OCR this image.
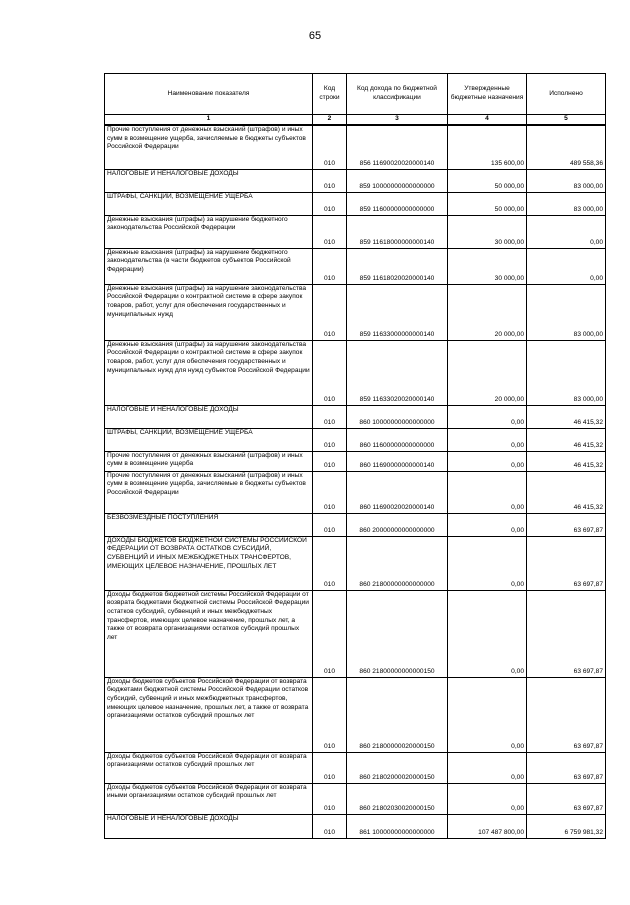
65
Наименование показателя	Код строки	Код дохода по бюджетной классификации	Утвержденные бюджетные назначения	Исполнено
1	2	3	4	5
Прочие поступления от денежных взысканий (штрафов) и иных сумм в возмещение ущерба, зачисляемые в бюджеты субъектов Российской Федерации	010	856 11690020020000140	135 600,00	489 558,36
НАЛОГОВЫЕ И НЕНАЛОГОВЫЕ ДОХОДЫ	010	859 10000000000000000	50 000,00	83 000,00
ШТРАФЫ, САНКЦИИ, ВОЗМЕЩЕНИЕ УЩЕРБА	010	859 11600000000000000	50 000,00	83 000,00
Денежные взыскания (штрафы) за нарушение бюджетного законодательства Российской Федерации	010	859 11618000000000140	30 000,00	0,00
Денежные взыскания (штрафы) за нарушение бюджетного законодательства (в части бюджетов субъектов Российской Федерации)	010	859 11618020020000140	30 000,00	0,00
Денежные взыскания (штрафы) за нарушение законодательства Российской Федерации о контрактной системе в сфере закупок товаров, работ, услуг для обеспечения государственных и муниципальных нужд	010	859 11633000000000140	20 000,00	83 000,00
Денежные взыскания (штрафы) за нарушение законодательства Российской Федерации о контрактной системе в сфере закупок товаров, работ, услуг для обеспечения государственных и муниципальных нужд для нужд субъектов Российской Федерации	010	859 11633020020000140	20 000,00	83 000,00
НАЛОГОВЫЕ И НЕНАЛОГОВЫЕ ДОХОДЫ	010	860 10000000000000000	0,00	46 415,32
ШТРАФЫ, САНКЦИИ, ВОЗМЕЩЕНИЕ УЩЕРБА	010	860 11600000000000000	0,00	46 415,32
Прочие поступления от денежных взысканий (штрафов) и иных сумм в возмещение ущерба	010	860 11690000000000140	0,00	46 415,32
Прочие поступления от денежных взысканий (штрафов) и иных сумм в возмещение ущерба, зачисляемые в бюджеты субъектов Российской Федерации	010	860 11690020020000140	0,00	46 415,32
БЕЗВОЗМЕЗДНЫЕ ПОСТУПЛЕНИЯ	010	860 20000000000000000	0,00	63 697,87
ДОХОДЫ БЮДЖЕТОВ БЮДЖЕТНОЙ СИСТЕМЫ РОССИЙСКОЙ ФЕДЕРАЦИИ ОТ ВОЗВРАТА ОСТАТКОВ СУБСИДИЙ, СУБВЕНЦИЙ И ИНЫХ МЕЖБЮДЖЕТНЫХ ТРАНСФЕРТОВ, ИМЕЮЩИХ ЦЕЛЕВОЕ НАЗНАЧЕНИЕ, ПРОШЛЫХ ЛЕТ	010	860 21800000000000000	0,00	63 697,87
Доходы бюджетов бюджетной системы Российской Федерации от возврата бюджетами бюджетной системы Российской Федерации остатков субсидий, субвенций и иных межбюджетных трансфертов, имеющих целевое назначение, прошлых лет, а также от возврата организациями остатков субсидий прошлых лет	010	860 21800000000000150	0,00	63 697,87
Доходы бюджетов субъектов Российской Федерации от возврата бюджетами бюджетной системы Российской Федерации остатков субсидий, субвенций и иных межбюджетных трансфертов, имеющих целевое назначение, прошлых лет, а также от возврата организациями остатков субсидий прошлых лет	010	860 21800000020000150	0,00	63 697,87
Доходы бюджетов субъектов Российской Федерации от возврата организациями остатков субсидий прошлых лет	010	860 21802000020000150	0,00	63 697,87
Доходы бюджетов субъектов Российской Федерации от возврата иными организациями остатков субсидий прошлых лет	010	860 21802030020000150	0,00	63 697,87
НАЛОГОВЫЕ И НЕНАЛОГОВЫЕ ДОХОДЫ	010	861 10000000000000000	107 487 800,00	6 759 981,32
